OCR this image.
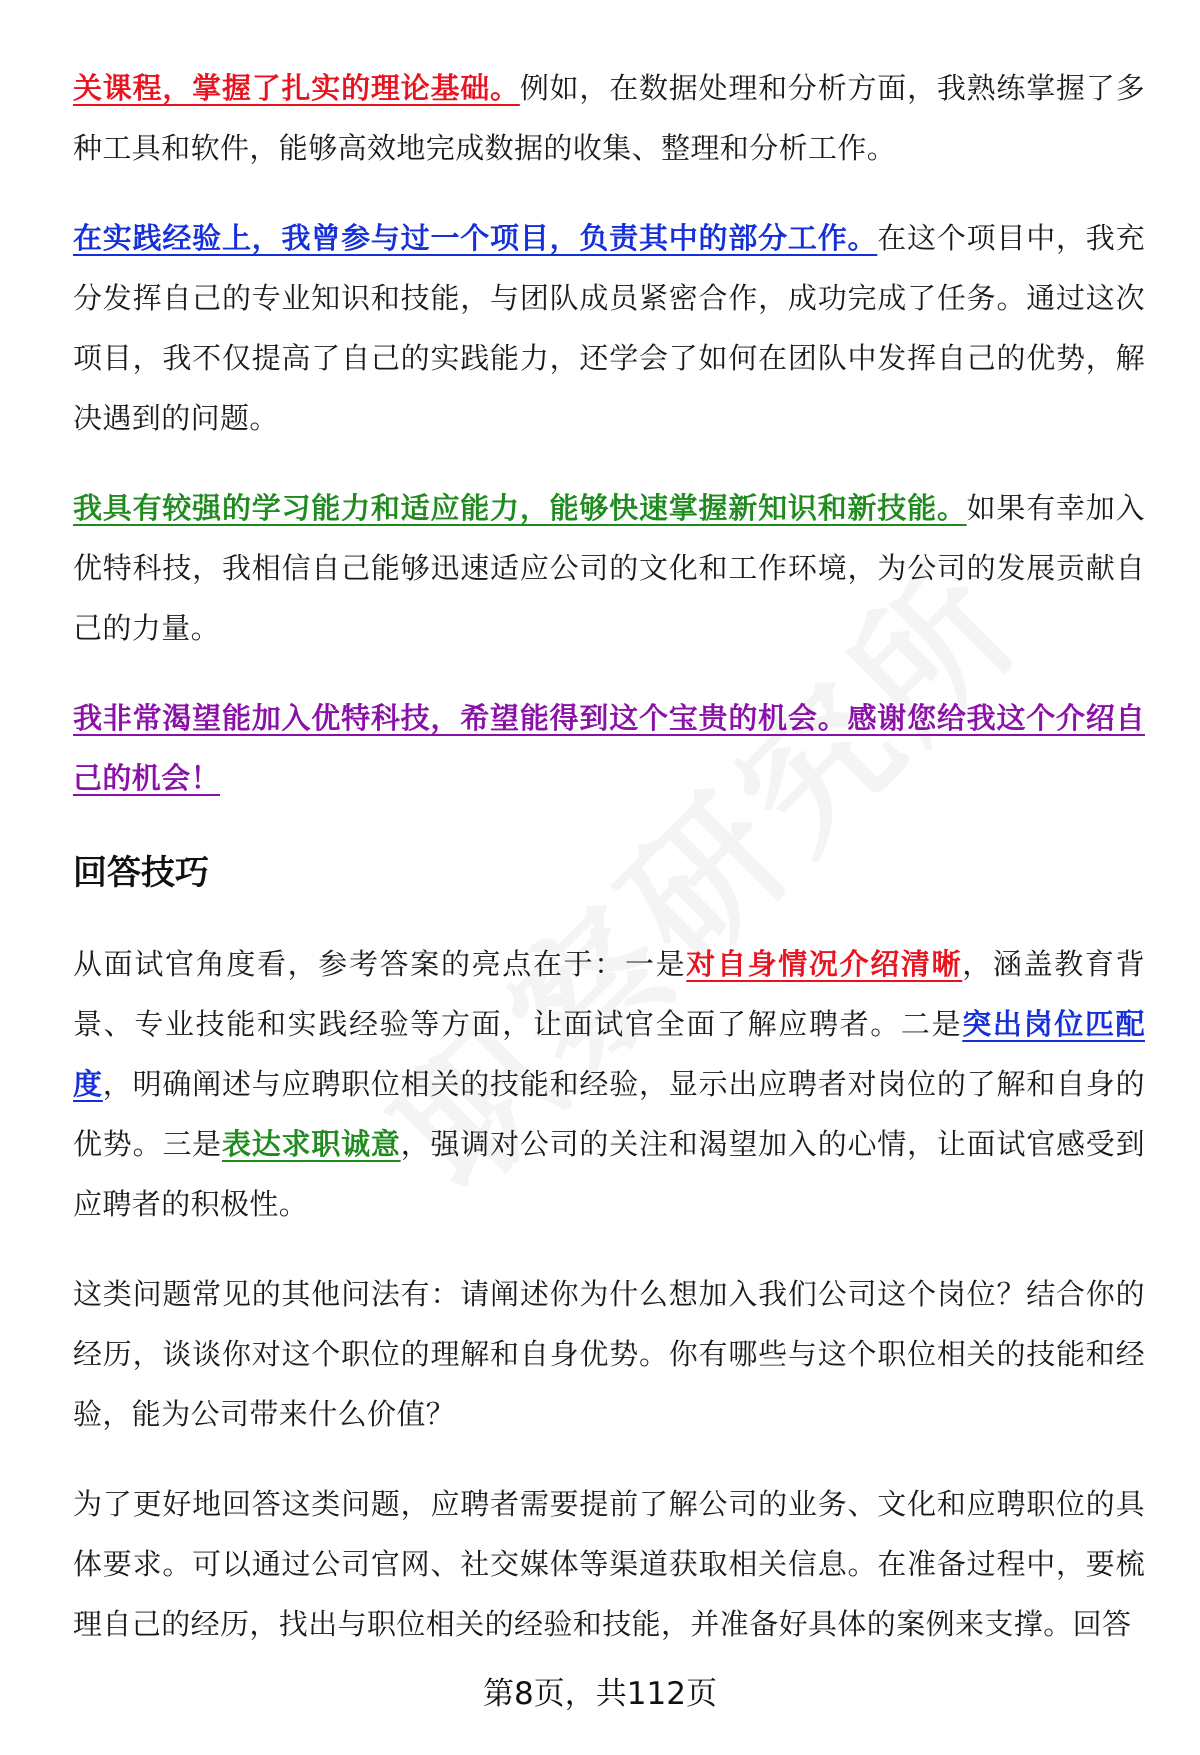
关课程，掌握了扎实的理论基础。例如，在数据处理和分析方面，我熟练掌握了多种工具和软件，能够高效地完成数据的收集、整理和分析工作。

在实践经验上，我曾参与过一个项目，负责其中的部分工作。在这个项目中，我充分发挥自己的专业知识和技能，与团队成员紧密合作，成功完成了任务。通过这次项目，我不仅提高了自己的实践能力，还学会了如何在团队中发挥自己的优势，解决遇到的问题。

我具有较强的学习能力和适应能力，能够快速掌握新知识和新技能。如果有幸加入优特科技，我相信自己能够迅速适应公司的文化和工作环境，为公司的发展贡献自己的力量。

我非常渴望能加入优特科技，希望能得到这个宝贵的机会。感谢您给我这个介绍自己的机会！

回答技巧

从面试官角度看，参考答案的亮点在于：一是对自身情况介绍清晰，涵盖教育背景、专业技能和实践经验等方面，让面试官全面了解应聘者。二是突出岗位匹配度，明确阐述与应聘职位相关的技能和经验，显示出应聘者对岗位的了解和自身的优势。三是表达求职诚意，强调对公司的关注和渴望加入的心情，让面试官感受到应聘者的积极性。

这类问题常见的其他问法有：请阐述你为什么想加入我们公司这个岗位？结合你的经历，谈谈你对这个职位的理解和自身优势。你有哪些与这个职位相关的技能和经验，能为公司带来什么价值？

为了更好地回答这类问题，应聘者需要提前了解公司的业务、文化和应聘职位的具体要求。可以通过公司官网、社交媒体等渠道获取相关信息。在准备过程中，要梳理自己的经历，找出与职位相关的经验和技能，并准备好具体的案例来支撑。回答

第8页，共112页
